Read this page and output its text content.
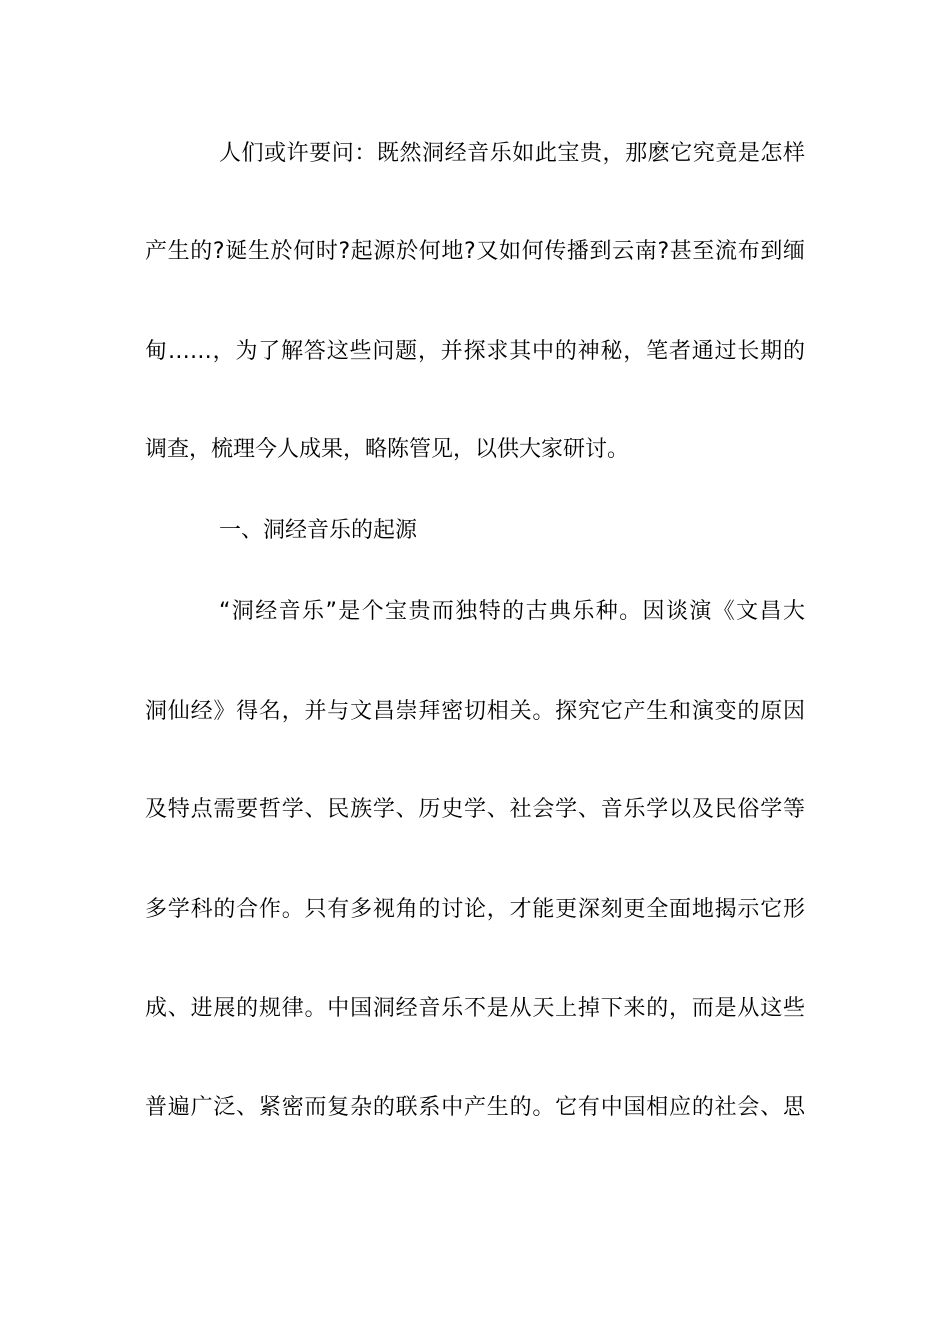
人们或许要问：既然洞经音乐如此宝贵，那麽它究竟是怎样
产生的?诞生於何时?起源於何地?又如何传播到云南?甚至流布到缅
甸……，为了解答这些问题，并探求其中的神秘，笔者通过长期的
调查，梳理今人成果，略陈管见，以供大家研讨。
一、洞经音乐的起源
“洞经音乐”是个宝贵而独特的古典乐种。因谈演《文昌大
洞仙经》得名，并与文昌崇拜密切相关。探究它产生和演变的原因
及特点需要哲学、民族学、历史学、社会学、音乐学以及民俗学等
多学科的合作。只有多视角的讨论，才能更深刻更全面地揭示它形
成、进展的规律。中国洞经音乐不是从天上掉下来的，而是从这些
普遍广泛、紧密而复杂的联系中产生的。它有中国相应的社会、思
